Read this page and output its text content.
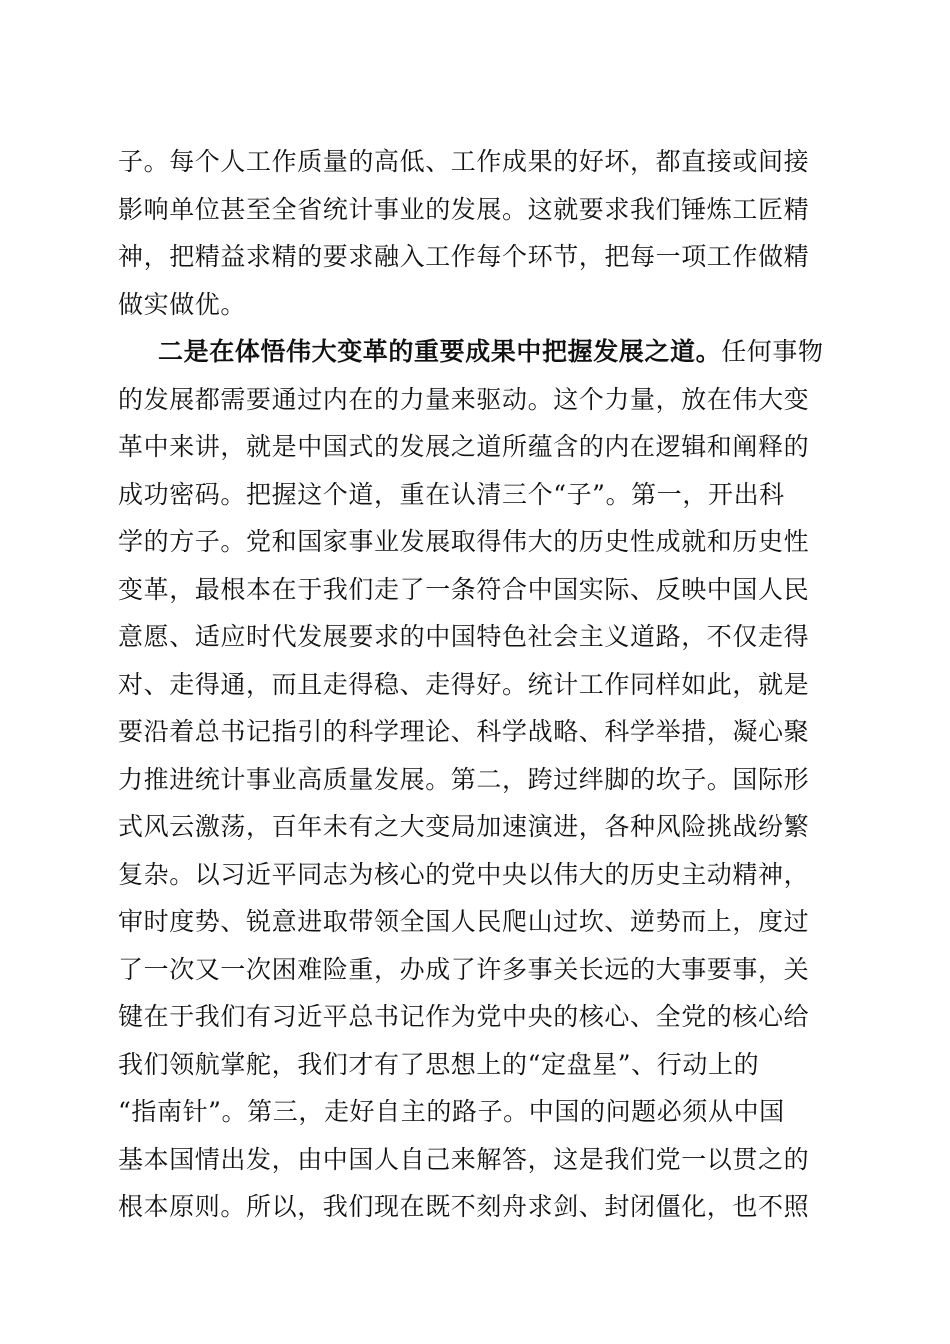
子。每个人工作质量的高低、工作成果的好坏，都直接或间接
影响单位甚至全省统计事业的发展。这就要求我们锤炼工匠精
神，把精益求精的要求融入工作每个环节，把每一项工作做精
做实做优。
二是在体悟伟大变革的重要成果中把握发展之道。任何事物
的发展都需要通过内在的力量来驱动。这个力量，放在伟大变
革中来讲，就是中国式的发展之道所蕴含的内在逻辑和阐释的
成功密码。把握这个道，重在认清三个“子”。第一，开出科
学的方子。党和国家事业发展取得伟大的历史性成就和历史性
变革，最根本在于我们走了一条符合中国实际、反映中国人民
意愿、适应时代发展要求的中国特色社会主义道路，不仅走得
对、走得通，而且走得稳、走得好。统计工作同样如此，就是
要沿着总书记指引的科学理论、科学战略、科学举措，凝心聚
力推进统计事业高质量发展。第二，跨过绊脚的坎子。国际形
式风云激荡，百年未有之大变局加速演进，各种风险挑战纷繁
复杂。以习近平同志为核心的党中央以伟大的历史主动精神，
审时度势、锐意进取带领全国人民爬山过坎、逆势而上，度过
了一次又一次困难险重，办成了许多事关长远的大事要事，关
键在于我们有习近平总书记作为党中央的核心、全党的核心给
我们领航掌舵，我们才有了思想上的“定盘星”、行动上的
“指南针”。第三，走好自主的路子。中国的问题必须从中国
基本国情出发，由中国人自己来解答，这是我们党一以贯之的
根本原则。所以，我们现在既不刻舟求剑、封闭僵化，也不照
